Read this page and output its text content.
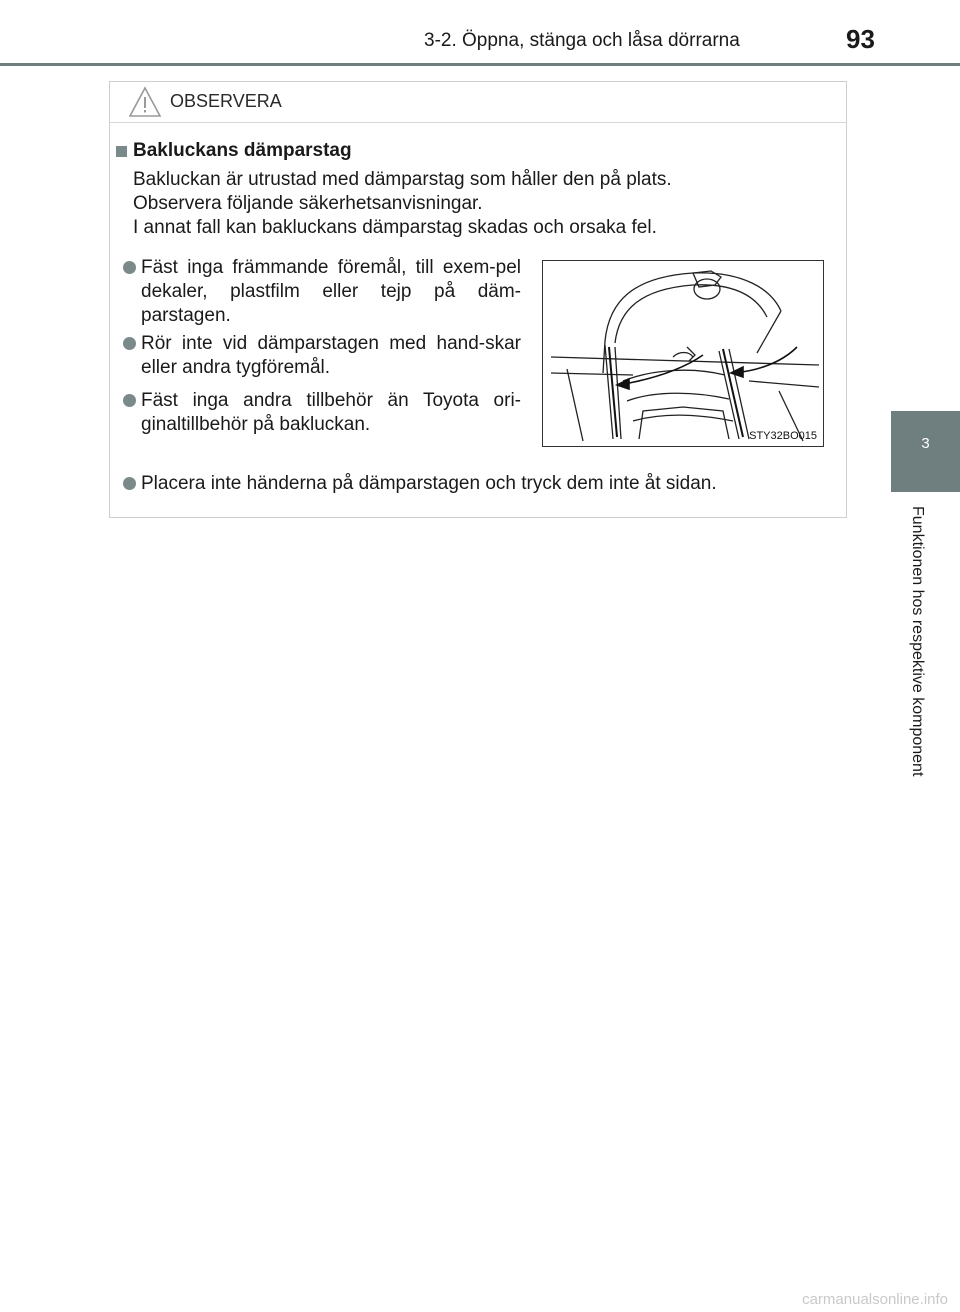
3-2. Öppna, stänga och låsa dörrarna	93
3
Funktionen hos respektive komponent
OBSERVERA
Bakluckans dämparstag
Bakluckan är utrustad med dämparstag som håller den på plats.
Observera följande säkerhetsanvisningar.
I annat fall kan bakluckans dämparstag skadas och orsaka fel.
Fäst inga främmande föremål, till exem-pel dekaler, plastfilm eller tejp på däm-parstagen.
Rör inte vid dämparstagen med hand-skar eller andra tygföremål.
Fäst inga andra tillbehör än Toyota ori-ginaltillbehör på bakluckan.
STY32BO015
Placera inte händerna på dämparstagen och tryck dem inte åt sidan.
carmanualsonline.info
